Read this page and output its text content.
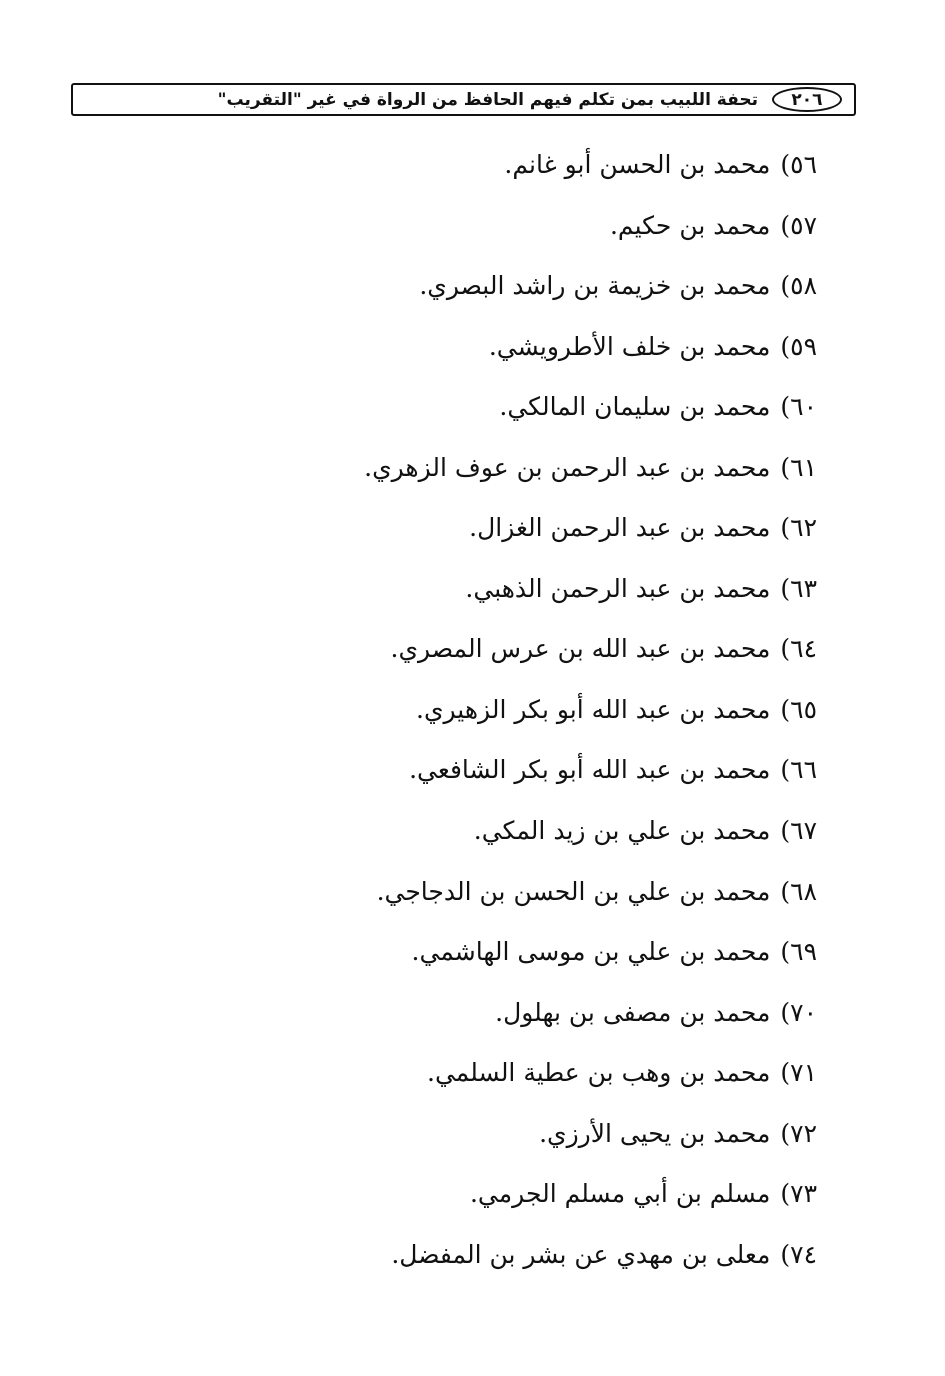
٢٠٦
تحفة اللبيب بمن تكلم فيهم الحافظ من الرواة في غير "التقريب"
٥٦)محمد بن الحسن أبو غانم.
٥٧)محمد بن حكيم.
٥٨)محمد بن خزيمة بن راشد البصري.
٥٩)محمد بن خلف الأطرويشي.
٦٠)محمد بن سليمان المالكي.
٦١)محمد بن عبد الرحمن بن عوف الزهري.
٦٢)محمد بن عبد الرحمن الغزال.
٦٣)محمد بن عبد الرحمن الذهبي.
٦٤)محمد بن عبد الله بن عرس المصري.
٦٥)محمد بن عبد الله أبو بكر الزهيري.
٦٦)محمد بن عبد الله أبو بكر الشافعي.
٦٧)محمد بن علي بن زيد المكي.
٦٨)محمد بن علي بن الحسن بن الدجاجي.
٦٩)محمد بن علي بن موسى الهاشمي.
٧٠)محمد بن مصفى بن بهلول.
٧١)محمد بن وهب بن عطية السلمي.
٧٢)محمد بن يحيى الأرزي.
٧٣)مسلم بن أبي مسلم الجرمي.
٧٤)معلى بن مهدي عن بشر بن المفضل.
